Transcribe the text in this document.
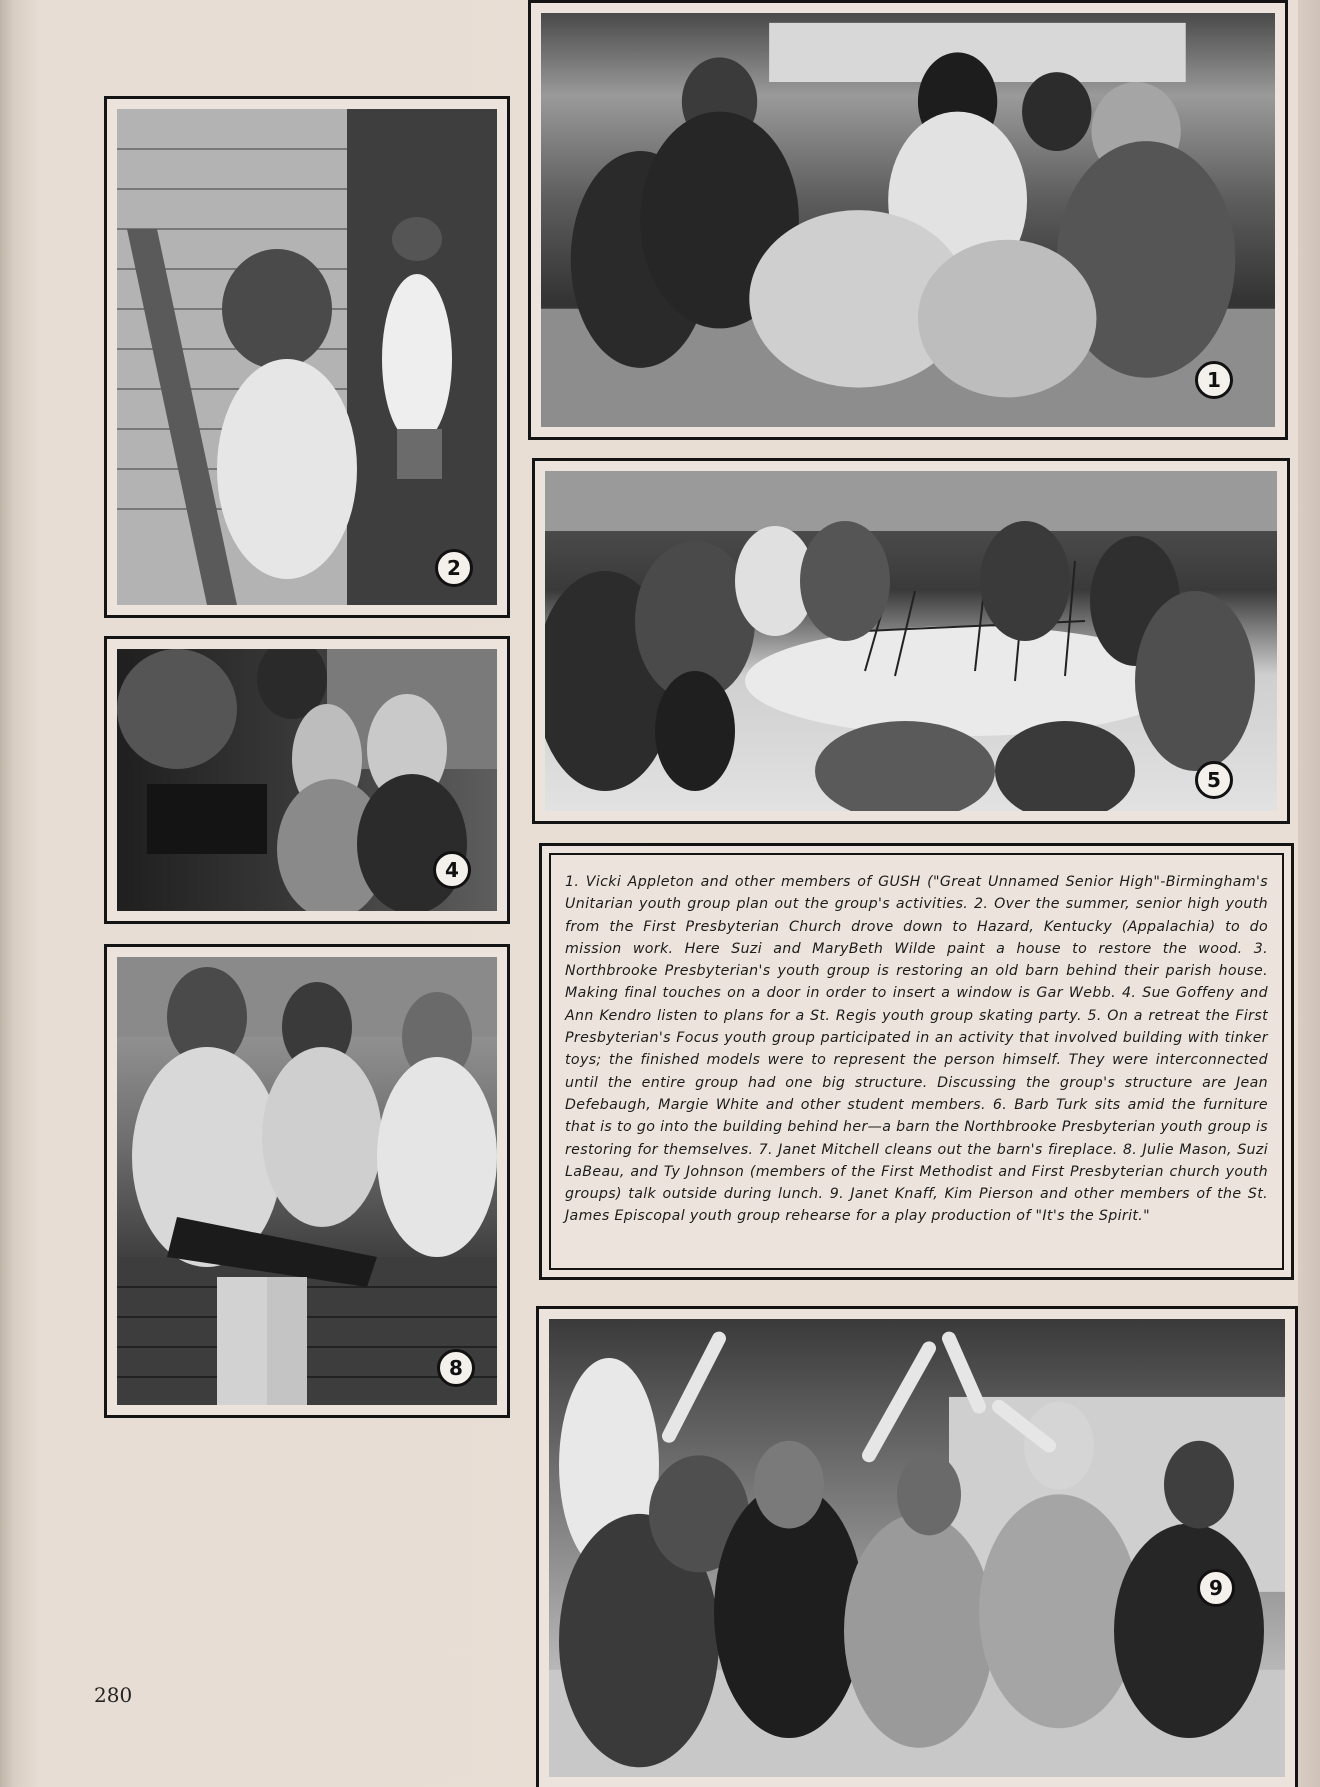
1
2
4
5
8
1. Vicki Appleton and other members of GUSH ("Great Unnamed Senior High"-Birmingham's Unitarian youth group plan out the group's activities. 2. Over the summer, senior high youth from the First Presbyterian Church drove down to Hazard, Kentucky (Appalachia) to do mission work. Here Suzi and MaryBeth Wilde paint a house to restore the wood. 3. Northbrooke Presbyterian's youth group is restoring an old barn behind their parish house. Making final touches on a door in order to insert a window is Gar Webb. 4. Sue Goffeny and Ann Kendro listen to plans for a St. Regis youth group skating party. 5. On a retreat the First Presbyterian's Focus youth group participated in an activity that involved building with tinker toys; the finished models were to represent the person himself. They were interconnected until the entire group had one big structure. Discussing the group's structure are Jean Defebaugh, Margie White and other student members. 6. Barb Turk sits amid the furniture that is to go into the building behind her—a barn the Northbrooke Presbyterian youth group is restoring for themselves. 7. Janet Mitchell cleans out the barn's fireplace. 8. Julie Mason, Suzi LaBeau, and Ty Johnson (members of the First Methodist and First Presbyterian church youth groups) talk outside during lunch. 9. Janet Knaff, Kim Pierson and other members of the St. James Episcopal youth group rehearse for a play production of "It's the Spirit."
9
280
